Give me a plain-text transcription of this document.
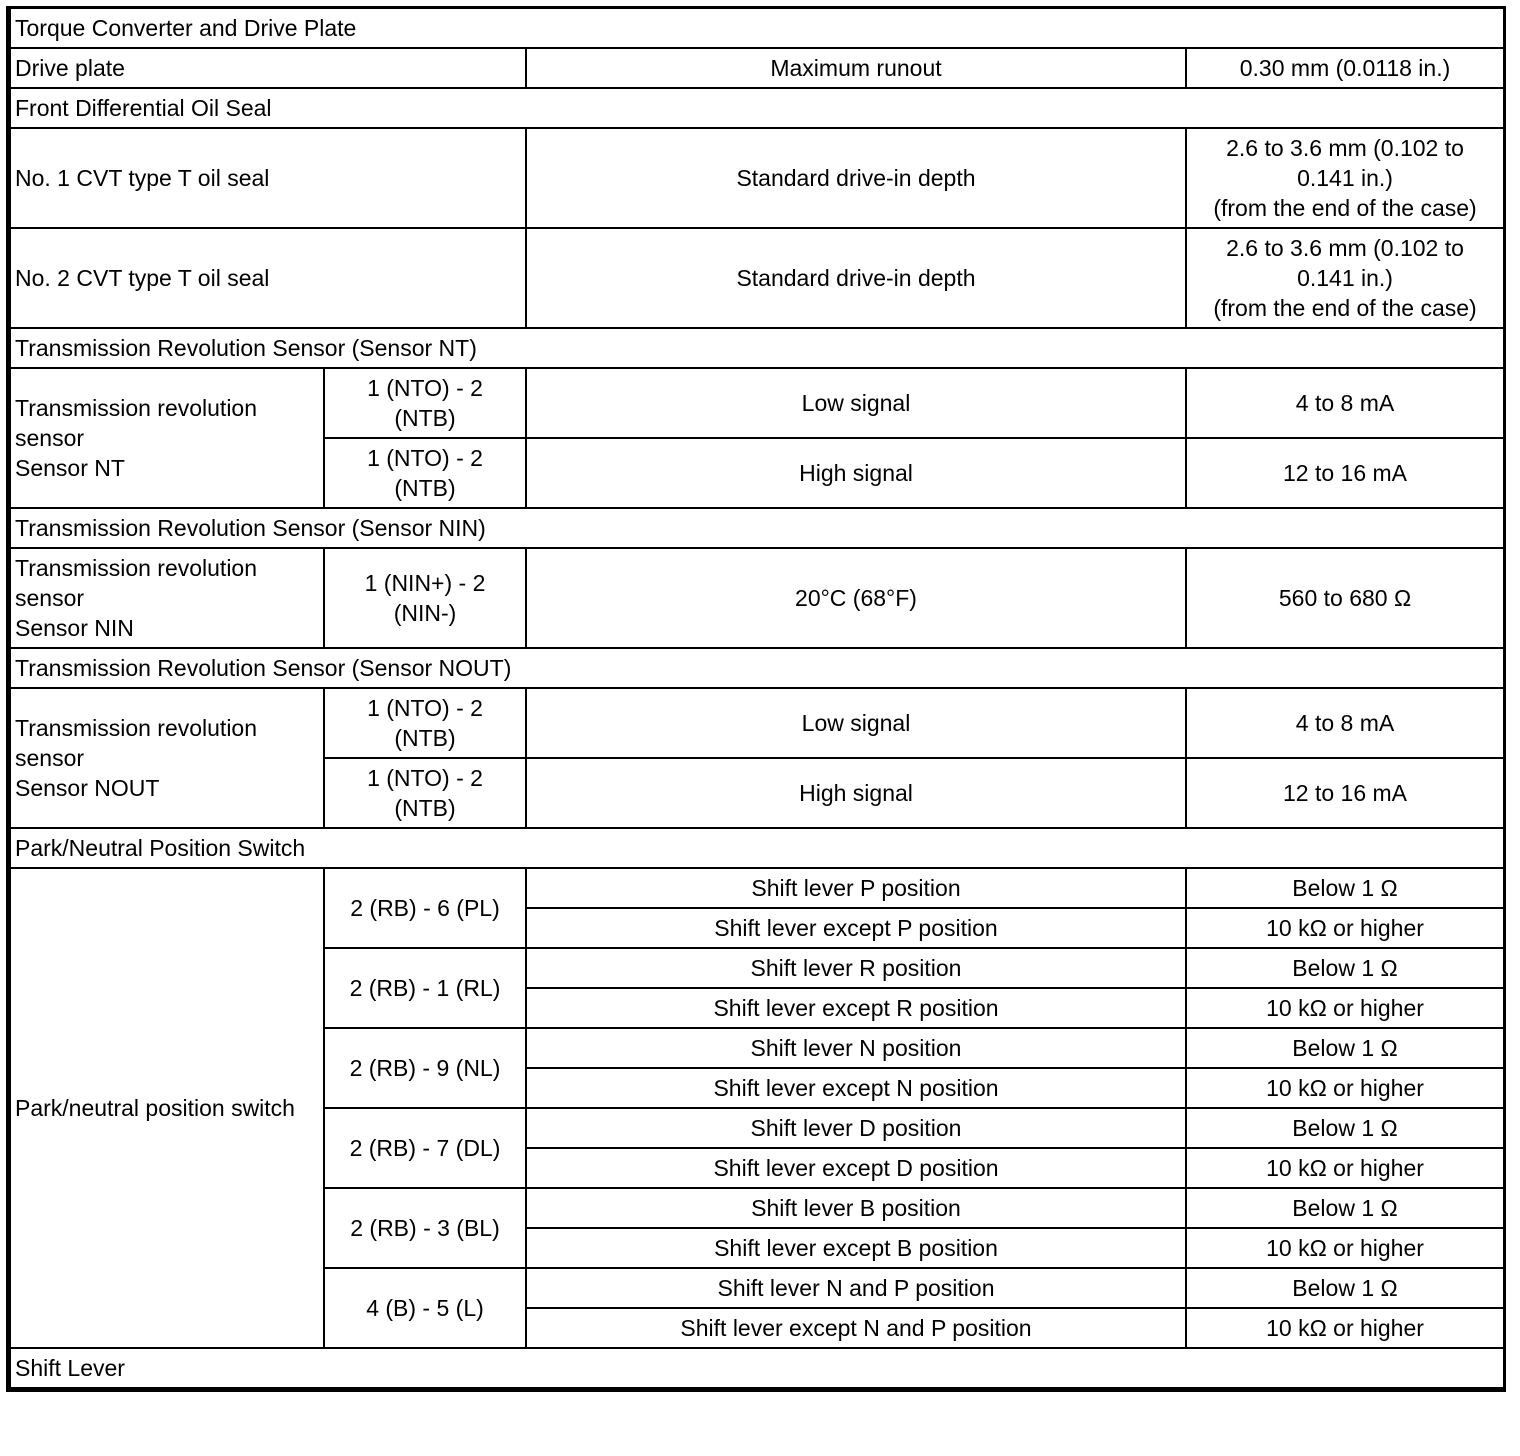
Torque Converter and Drive Plate			
Drive plate		Maximum runout	0.30 mm (0.0118 in.)
Front Differential Oil Seal			
No. 1 CVT type T oil seal		Standard drive-in depth	2.6 to 3.6 mm (0.102 to
0.141 in.)
(from the end of the case)

No. 2 CVT type T oil seal		Standard drive-in depth	2.6 to 3.6 mm (0.102 to
0.141 in.)
(from the end of the case)

Transmission Revolution Sensor (Sensor NT)			

Transmission revolution
sensor
Sensor NT	1 (NTO) - 2
(NTB)	Low signal	4 to 8 mA

	1 (NTO) - 2
(NTB)	High signal	12 to 16 mA
Transmission Revolution Sensor (Sensor NIN)			

Transmission revolution
sensor
Sensor NIN	1 (NIN+) - 2
(NIN-)	20°C (68°F)	560 to 680 Ω
Transmission Revolution Sensor (Sensor NOUT)			

Transmission revolution
sensor
Sensor NOUT	1 (NTO) - 2
(NTB)	Low signal	4 to 8 mA

	1 (NTO) - 2
(NTB)	High signal	12 to 16 mA
Park/Neutral Position Switch			
Park/neutral position switch	2 (RB) - 6 (PL)	Shift lever P position	Below 1 Ω
		Shift lever except P position	10 kΩ or higher
	2 (RB) - 1 (RL)	Shift lever R position	Below 1 Ω
		Shift lever except R position	10 kΩ or higher
	2 (RB) - 9 (NL)	Shift lever N position	Below 1 Ω
		Shift lever except N position	10 kΩ or higher
	2 (RB) - 7 (DL)	Shift lever D position	Below 1 Ω
		Shift lever except D position	10 kΩ or higher
	2 (RB) - 3 (BL)	Shift lever B position	Below 1 Ω
		Shift lever except B position	10 kΩ or higher
	4 (B) - 5 (L)	Shift lever N and P position	Below 1 Ω
		Shift lever except N and P position	10 kΩ or higher
Shift Lever			
